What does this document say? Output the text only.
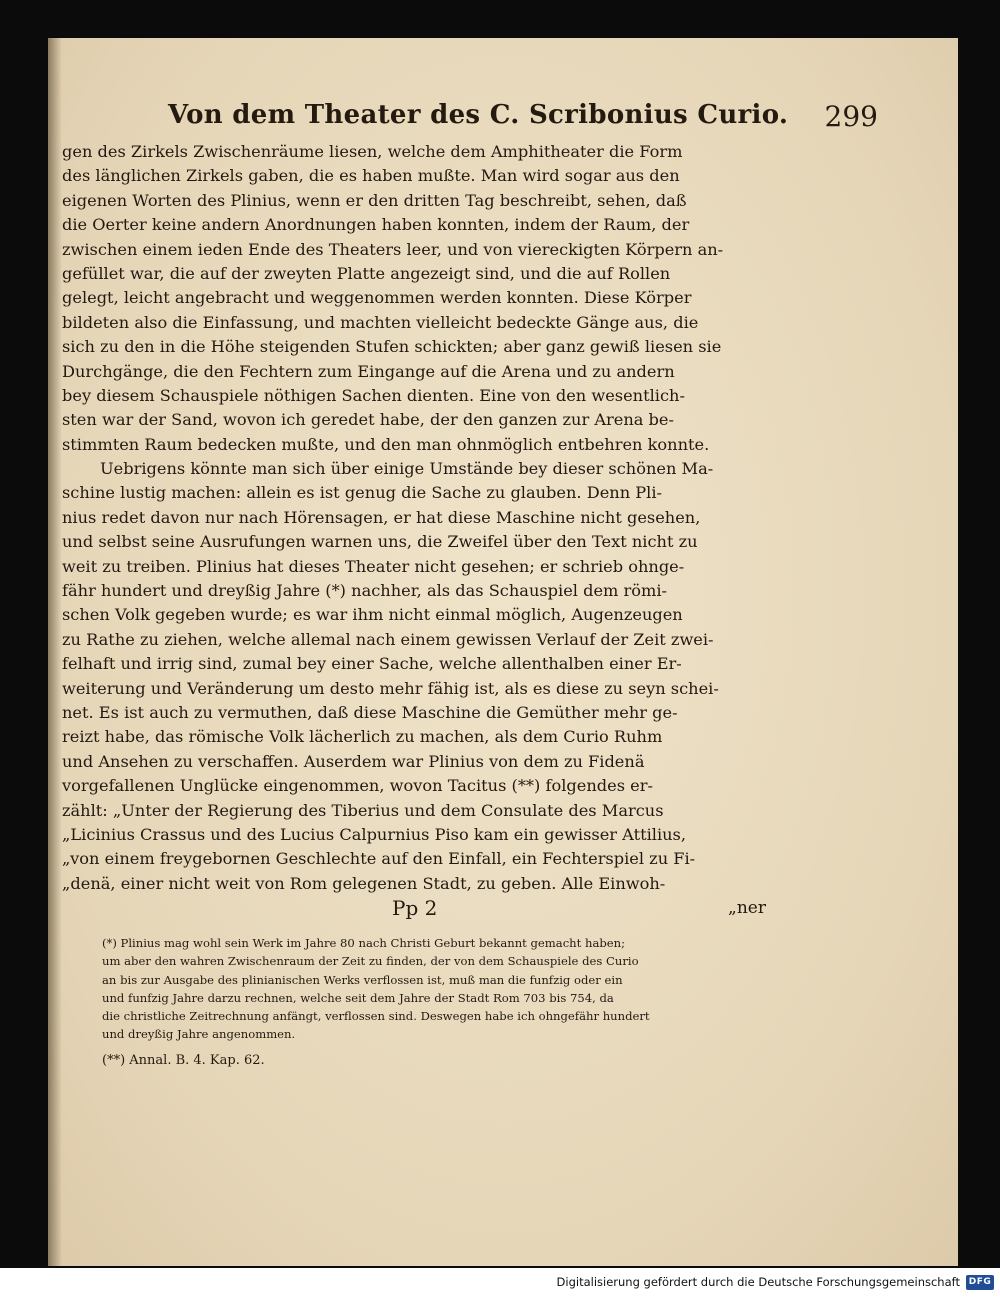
Von dem Theater des C. Scribonius Curio. 299
gen des Zirkels Zwischenräume liesen, welche dem Amphitheater die Form
des länglichen Zirkels gaben, die es haben mußte. Man wird sogar aus den
eigenen Worten des Plinius, wenn er den dritten Tag beschreibt, sehen, daß
die Oerter keine andern Anordnungen haben konnten, indem der Raum, der
zwischen einem ieden Ende des Theaters leer, und von viereckigten Körpern an-
gefüllet war, die auf der zweyten Platte angezeigt sind, und die auf Rollen
gelegt, leicht angebracht und weggenommen werden konnten. Diese Körper
bildeten also die Einfassung, und machten vielleicht bedeckte Gänge aus, die
sich zu den in die Höhe steigenden Stufen schickten; aber ganz gewiß liesen sie
Durchgänge, die den Fechtern zum Eingange auf die Arena und zu andern
bey diesem Schauspiele nöthigen Sachen dienten. Eine von den wesentlich-
sten war der Sand, wovon ich geredet habe, der den ganzen zur Arena be-
stimmten Raum bedecken mußte, und den man ohnmöglich entbehren konnte.
Uebrigens könnte man sich über einige Umstände bey dieser schönen Ma-
schine lustig machen: allein es ist genug die Sache zu glauben. Denn Pli-
nius redet davon nur nach Hörensagen, er hat diese Maschine nicht gesehen,
und selbst seine Ausrufungen warnen uns, die Zweifel über den Text nicht zu
weit zu treiben. Plinius hat dieses Theater nicht gesehen; er schrieb ohnge-
fähr hundert und dreyßig Jahre (*) nachher, als das Schauspiel dem römi-
schen Volk gegeben wurde; es war ihm nicht einmal möglich, Augenzeugen
zu Rathe zu ziehen, welche allemal nach einem gewissen Verlauf der Zeit zwei-
felhaft und irrig sind, zumal bey einer Sache, welche allenthalben einer Er-
weiterung und Veränderung um desto mehr fähig ist, als es diese zu seyn schei-
net. Es ist auch zu vermuthen, daß diese Maschine die Gemüther mehr ge-
reizt habe, das römische Volk lächerlich zu machen, als dem Curio Ruhm
und Ansehen zu verschaffen. Auserdem war Plinius von dem zu Fidenä
vorgefallenen Unglücke eingenommen, wovon Tacitus (**) folgendes er-
zählt: „Unter der Regierung des Tiberius und dem Consulate des Marcus
„Licinius Crassus und des Lucius Calpurnius Piso kam ein gewisser Attilius,
„von einem freygebornen Geschlechte auf den Einfall, ein Fechterspiel zu Fi-
„denä, einer nicht weit von Rom gelegenen Stadt, zu geben. Alle Einwoh-
Pp 2	„ner
(*) Plinius mag wohl sein Werk im Jahre 80 nach Christi Geburt bekannt gemacht haben;
um aber den wahren Zwischenraum der Zeit zu finden, der von dem Schauspiele des Curio
an bis zur Ausgabe des plinianischen Werks verflossen ist, muß man die funfzig oder ein
und funfzig Jahre darzu rechnen, welche seit dem Jahre der Stadt Rom 703 bis 754, da
die christliche Zeitrechnung anfängt, verflossen sind. Deswegen habe ich ohngefähr hundert
und dreyßig Jahre angenommen.
(**) Annal. B. 4. Kap. 62.
Digitalisierung gefördert durch die Deutsche Forschungsgemeinschaft DFG
